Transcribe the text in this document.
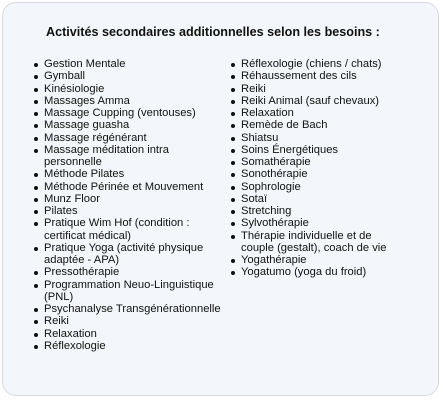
Activités secondaires additionnelles selon les besoins :
Gestion Mentale
Gymball
Kinésiologie
Massages Amma
Massage Cupping (ventouses)
Massage guasha
Massage régénérant
Massage méditation intra
personnelle
Méthode Pilates
Méthode Périnée et Mouvement
Munz Floor
Pilates
Pratique Wim Hof (condition :
certificat médical)
Pratique Yoga (activité physique
adaptée - APA)
Pressothérapie
Programmation Neuo-Linguistique
(PNL)
Psychanalyse Transgénérationnelle
Reiki
Relaxation
Réflexologie
Réflexologie (chiens / chats)
Réhaussement des cils
Reiki
Reiki Animal (sauf chevaux)
Relaxation
Remède de Bach
Shiatsu
Soins Énergétiques
Somathérapie
Sonothérapie
Sophrologie
Sotaï
Stretching
Sylvothérapie
Thérapie individuelle et de
couple (gestalt), coach de vie
Yogathérapie
Yogatumo (yoga du froid)
